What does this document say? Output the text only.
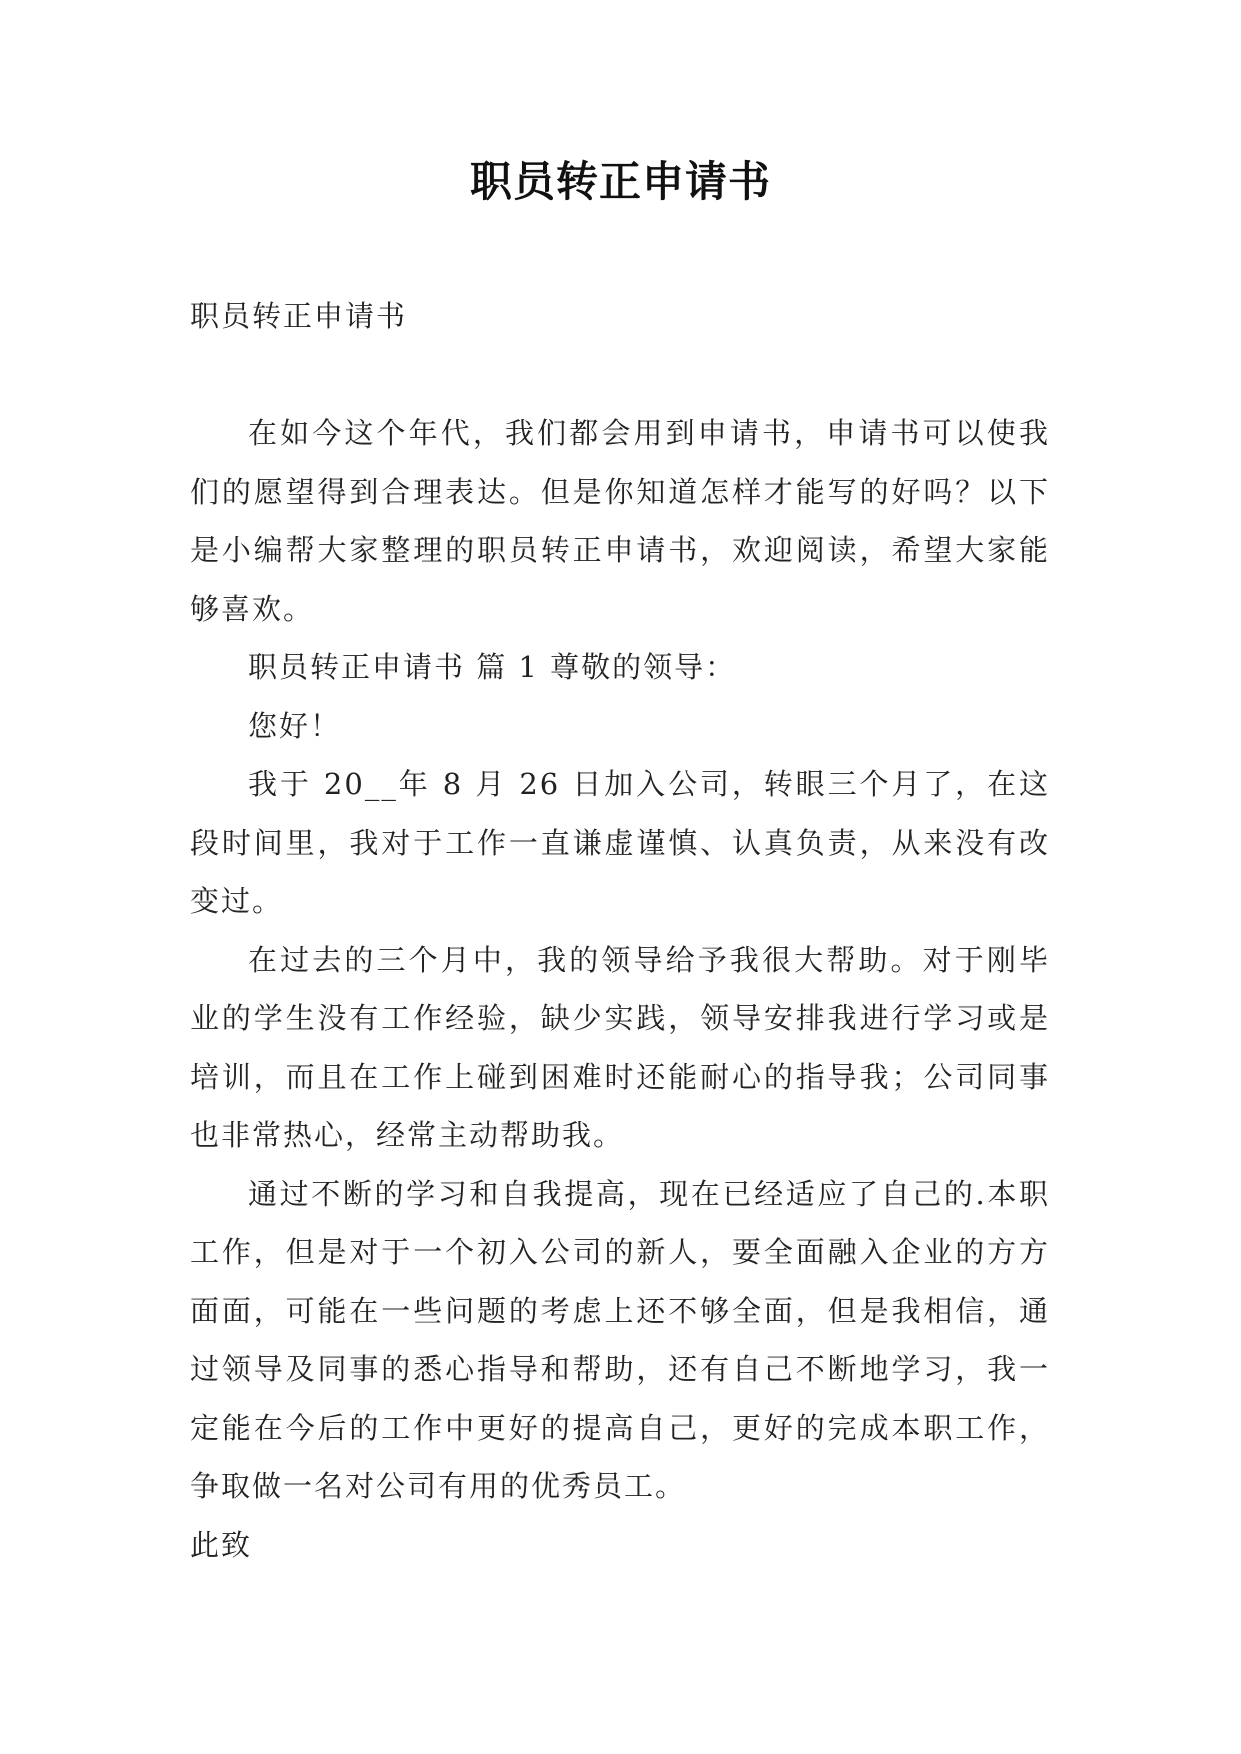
职员转正申请书
职员转正申请书

在如今这个年代，我们都会用到申请书，申请书可以使我们的愿望得到合理表达。但是你知道怎样才能写的好吗？以下是小编帮大家整理的职员转正申请书，欢迎阅读，希望大家能够喜欢。

职员转正申请书 篇 1 尊敬的领导：

您好！

我于 20__年 8 月 26 日加入公司，转眼三个月了，在这段时间里，我对于工作一直谦虚谨慎、认真负责，从来没有改变过。

在过去的三个月中，我的领导给予我很大帮助。对于刚毕业的学生没有工作经验，缺少实践，领导安排我进行学习或是培训，而且在工作上碰到困难时还能耐心的指导我；公司同事也非常热心，经常主动帮助我。

通过不断的学习和自我提高，现在已经适应了自己的.本职工作，但是对于一个初入公司的新人，要全面融入企业的方方面面，可能在一些问题的考虑上还不够全面，但是我相信，通过领导及同事的悉心指导和帮助，还有自己不断地学习，我一定能在今后的工作中更好的提高自己，更好的完成本职工作，争取做一名对公司有用的优秀员工。

此致
